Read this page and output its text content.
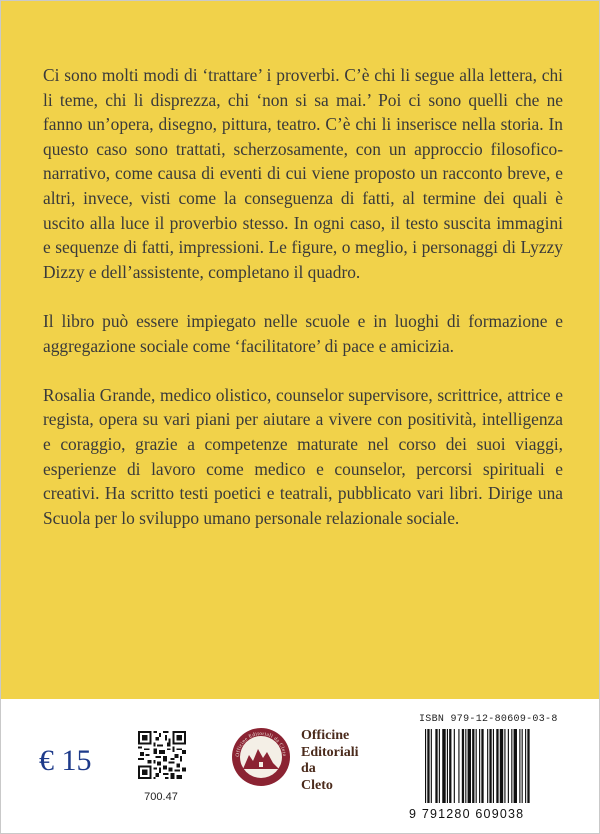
Ci sono molti modi di ‘trattare’ i proverbi. C’è chi li segue alla lettera, chi li teme, chi li disprezza, chi ‘non si sa mai.’ Poi ci sono quelli che ne fanno un’opera, disegno, pittura, teatro. C’è chi li inserisce nella storia. In questo caso sono trattati, scherzosamente, con un approccio filosofico-narrativo, come causa di eventi di cui viene proposto un racconto breve, e altri, invece, visti come la conseguenza di fatti, al termine dei quali è uscito alla luce il proverbio stesso. In ogni caso, il testo suscita immagini e sequenze di fatti, impressioni. Le figure, o meglio, i personaggi di Lyzzy Dizzy e dell’assistente, completano il quadro.

Il libro può essere impiegato nelle scuole e in luoghi di formazione e aggregazione sociale come ‘facilitatore’ di pace e amicizia.

Rosalia Grande, medico olistico, counselor supervisore, scrittrice, attrice e regista, opera su vari piani per aiutare a vivere con positività, intelligenza e coraggio, grazie a competenze maturate nel corso dei suoi viaggi, esperienze di lavoro come medico e counselor, percorsi spirituali e creativi. Ha scritto testi poetici e teatrali, pubblicato vari libri. Dirige una Scuola per lo sviluppo umano personale relazionale sociale.

€ 15
700.47
Officine Editoriali da Cleto
Officine
Editoriali
da
Cleto
ISBN 979-12-80609-03-8
9 791280 609038
